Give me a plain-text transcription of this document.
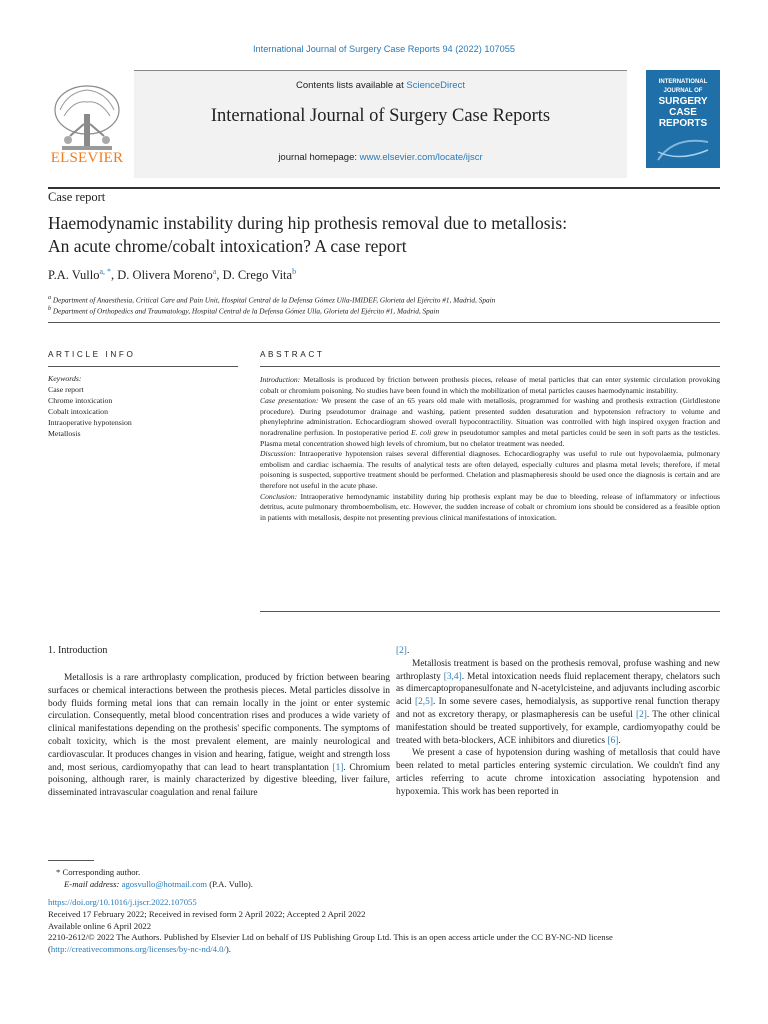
International Journal of Surgery Case Reports 94 (2022) 107055
ELSEVIER
Contents lists available at ScienceDirect
International Journal of Surgery Case Reports
journal homepage: www.elsevier.com/locate/ijscr
INTERNATIONAL
JOURNAL OF
SURGERY
CASE
REPORTS
Case report
Haemodynamic instability during hip prothesis removal due to metallosis:
An acute chrome/cobalt intoxication? A case report
P.A. Vullo$^{a, *}$, D. Olivera Moreno$^a$, D. Crego Vita$^b$
$^a$ Department of Anaesthesia, Critical Care and Pain Unit, Hospital Central de la Defensa Gómez Ulla-IMIDEF, Glorieta del Ejército #1, Madrid, Spain
$^b$ Department of Orthopedics and Traumatology, Hospital Central de la Defensa Gómez Ulla, Glorieta del Ejército #1, Madrid, Spain
ARTICLE INFO
Keywords:
Case report
Chrome intoxication
Cobalt intoxication
Intraoperative hypotension
Metallosis
ABSTRACT

Introduction: Metallosis is produced by friction between prothesis pieces, release of metal particles that can enter systemic circulation provoking cobalt or chromium poisoning. No studies have been found in which the mobilization of metal particles causes haemodynamic instability.

Case presentation: We present the case of an 65 years old male with metallosis, programmed for washing and prothesis extraction (Girldlestone procedure). During pseudotumor drainage and washing, patient presented sudden desaturation and hypotension refractory to volume and phenylephrine administration. Echocardiogram showed overall hypocontractility. Situation was controlled with high inspired oxygen fraction and noradrenaline perfusion. In postoperative period E. coli grew in pseudotumor samples and metal particles could be seen in soft parts as the testicles. Plasma metal concentration showed high levels of chromium, but no chelator treatment was needed.

Discussion: Intraoperative hypotension raises several differential diagnoses. Echocardiography was useful to rule out hypovolaemia, pulmonary embolism and cardiac ischaemia. The results of analytical tests are often delayed, especially cultures and plasma metal levels; therefore, if metal poisoning is suspected, supportive treatment should be performed. Chelation and plasmapheresis should be used once the diagnosis is certain and are therefore not useful in the acute phase.

Conclusion: Intraoperative hemodynamic instability during hip prothesis explant may be due to bleeding, release of inflammatory or infectious detritus, acute pulmonary thromboembolism, etc. However, the sudden increase of cobalt or chromium ions should be considered as a feasible option in patients with metallosis, despite not presenting previous clinical manifestations of intoxication.

1. Introduction

Metallosis is a rare arthroplasty complication, produced by friction between bearing surfaces or chemical interactions between the prothesis pieces. Metal particles dissolve in body fluids forming metal ions that can remain locally in the joint or enter systemic circulation. Consequently, metal blood concentration rises and produces a wide variety of clinical manifestations depending on the prothesis' specific components. The symptoms of cobalt toxicity, which is the most prevalent element, are mainly neurological and cardiovascular. It produces changes in vision and hearing, fatigue, weight and strength loss and, most serious, cardiomyopathy that can lead to heart transplantation [1]. Chromium poisoning, although rarer, is mainly characterized by digestive bleeding, liver failure, disseminated intravascular coagulation and renal failure

[2].

Metallosis treatment is based on the prothesis removal, profuse washing and new arthroplasty [3,4]. Metal intoxication needs fluid replacement therapy, chelators such as dimercaptopropanesulfonate and N-acetylcisteine, and adjuvants including ascorbic acid [2,5]. In some severe cases, hemodialysis, as supportive renal function therapy and not as excretory therapy, or plasmapheresis can be useful [2]. The other clinical manifestation should be treated supportively, for example, cardiomyopathy could be treated with beta-blockers, ACE inhibitors and diuretics [6].

We present a case of hypotension during washing of metallosis that could have been related to metal particles entering systemic circulation. We couldn't find any articles referring to acute chrome intoxication associating hypotension and hypoxemia. This work has been reported in

* Corresponding author.
E-mail address: agosvullo@hotmail.com (P.A. Vullo).

https://doi.org/10.1016/j.ijscr.2022.107055

Received 17 February 2022; Received in revised form 2 April 2022; Accepted 2 April 2022

Available online 6 April 2022

2210-2612/© 2022 The Authors. Published by Elsevier Ltd on behalf of IJS Publishing Group Ltd. This is an open access article under the CC BY-NC-ND license
(http://creativecommons.org/licenses/by-nc-nd/4.0/).
